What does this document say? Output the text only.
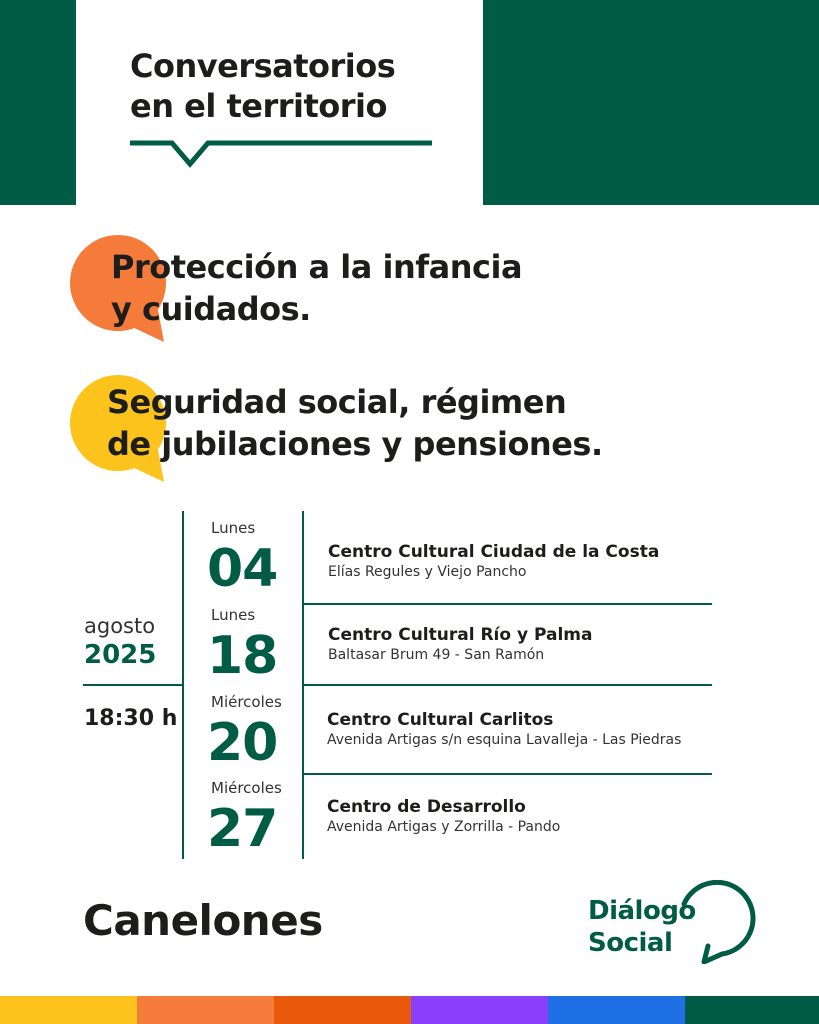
Conversatorios
en el territorio
Protección a la infancia
y cuidados.
Seguridad social, régimen
de jubilaciones y pensiones.
agosto
2025
18:30 h
Lunes
04	Centro Cultural Ciudad de la Costa
Elías Regules y Viejo Pancho
Lunes
18	Centro Cultural Río y Palma
Baltasar Brum 49 - San Ramón
Miércoles
20	Centro Cultural Carlitos
Avenida Artigas s/n esquina Lavalleja - Las Piedras
Miércoles
27	Centro de Desarrollo
Avenida Artigas y Zorrilla - Pando
Canelones	Diálogo
Social
